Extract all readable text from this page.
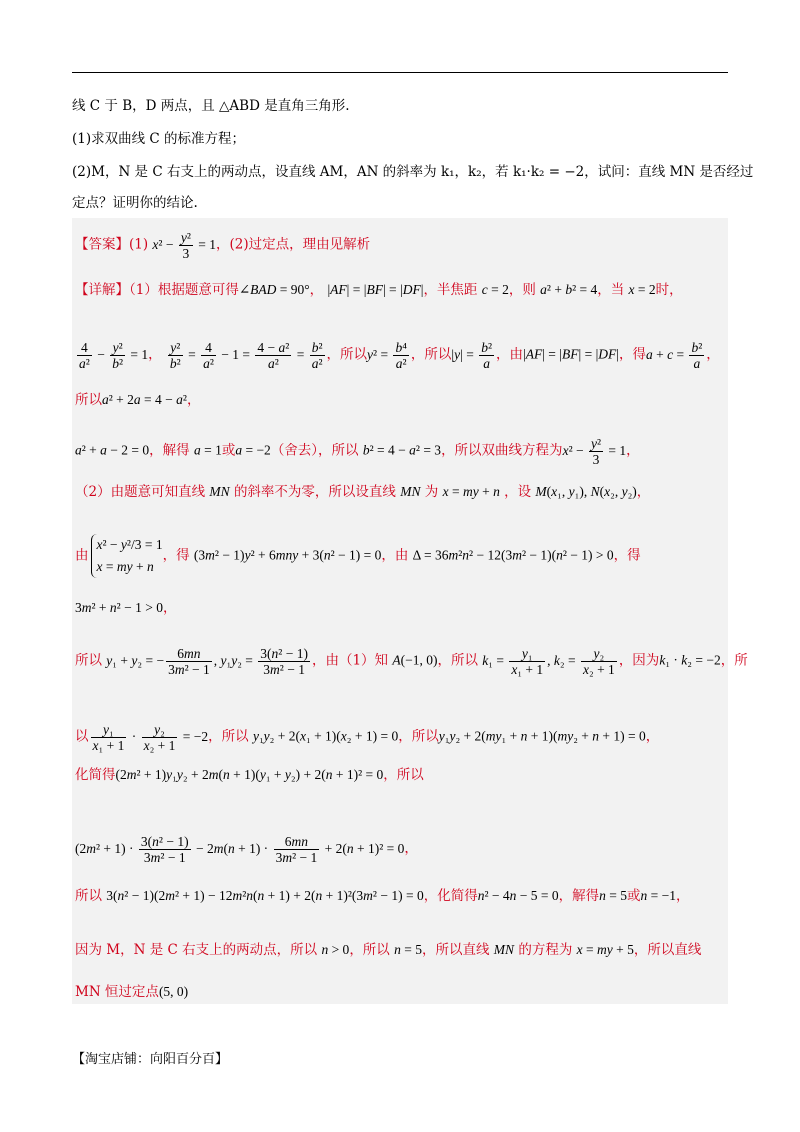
线 C 于 B，D 两点，且 △ABD 是直角三角形.
(1)求双曲线 C 的标准方程；
(2)M，N 是 C 右支上的两动点，设直线 AM，AN 的斜率为 k₁，k₂，若 k₁·k₂ = −2，试问：直线 MN 是否经过
定点？证明你的结论.
【答案】(1) $x^2 - \frac{\text{y²}}{3} = 1$，(2)过定点，理由见解析
【详解】（1）根据题意可得∠BAD = 90°， |AF| = |BF| = |DF|，半焦距 c = 2，则 a² + b² = 4，当 x = 2时，
$\frac{4}{\text{a²}} - \frac{\text{y²}}{\text{b²}} = 1$， $\frac{\text{y²}}{\text{b²}} = \frac{4}{\text{a²}} - 1 = \frac{\text{4 − a²}}{\text{a²}} = \frac{\text{b²}}{\text{a²}}$ ，所以$y^2 = \frac{\text{b⁴}}{\text{a²}}$ ，所以$|y| = \frac{\text{b²}}{a}$ ，由|AF| = |BF| = |DF|，得$a + c = \frac{\text{b²}}{a}$ ，
所以a² + 2a = 4 − a²，
a² + a − 2 = 0，解得 a = 1或a = −2（舍去），所以 b² = 4 − a² = 3，所以双曲线方程为$x^2 - \frac{\text{y²}}{3} = 1$，
（2）由题意可知直线 MN 的斜率不为零，所以设直线 MN 为 x = my + n ，设 M(x₁, y₁), N(x₂, y₂)，
由
x² − y²/3 = 1
x = my + n
，得 (3m² − 1)y² + 6mny + 3(n² − 1) = 0，由 Δ = 36m²n² − 12(3m² − 1)(n² − 1) > 0，得
3m² + n² − 1 > 0，
所以 y₁ + y₂ = − $\frac{6mn}{\text{3m² − 1}}$ , $y_1y_2 = \frac{\text{3(n² − 1)}}{\text{3m² − 1}}$ ，由（1）知 A(−1, 0)，所以 $k_1 = \frac{\text{y₁}}{\text{x₁ + 1}}$ , $k_2 = \frac{\text{y₂}}{\text{x₂ + 1}}$ ，因为k₁ · k₂ = −2，所
以 $\frac{\text{y₁}}{\text{x₁ + 1}} \cdot \frac{\text{y₂}}{\text{x₂ + 1}} = -2$，所以 y₁y₂ + 2(x₁ + 1)(x₂ + 1) = 0，所以y₁y₂ + 2(my₁ + n + 1)(my₂ + n + 1) = 0，
化简得(2m² + 1)y₁y₂ + 2m(n + 1)(y₁ + y₂) + 2(n + 1)² = 0，所以
$(2m^2 + 1) \cdot \frac{\text{3(n² − 1)}}{\text{3m² − 1}} - 2m(n + 1) \cdot \frac{6mn}{\text{3m² − 1}} + 2(n + 1)^2 = 0$，
所以 3(n² − 1)(2m² + 1) − 12m²n(n + 1) + 2(n + 1)²(3m² − 1) = 0，化简得n² − 4n − 5 = 0，解得n = 5或n = −1，
因为 M，N 是 C 右支上的两动点，所以 n > 0，所以 n = 5，所以直线 MN 的方程为 x = my + 5，所以直线
MN 恒过定点(5, 0)
【淘宝店铺：向阳百分百】
